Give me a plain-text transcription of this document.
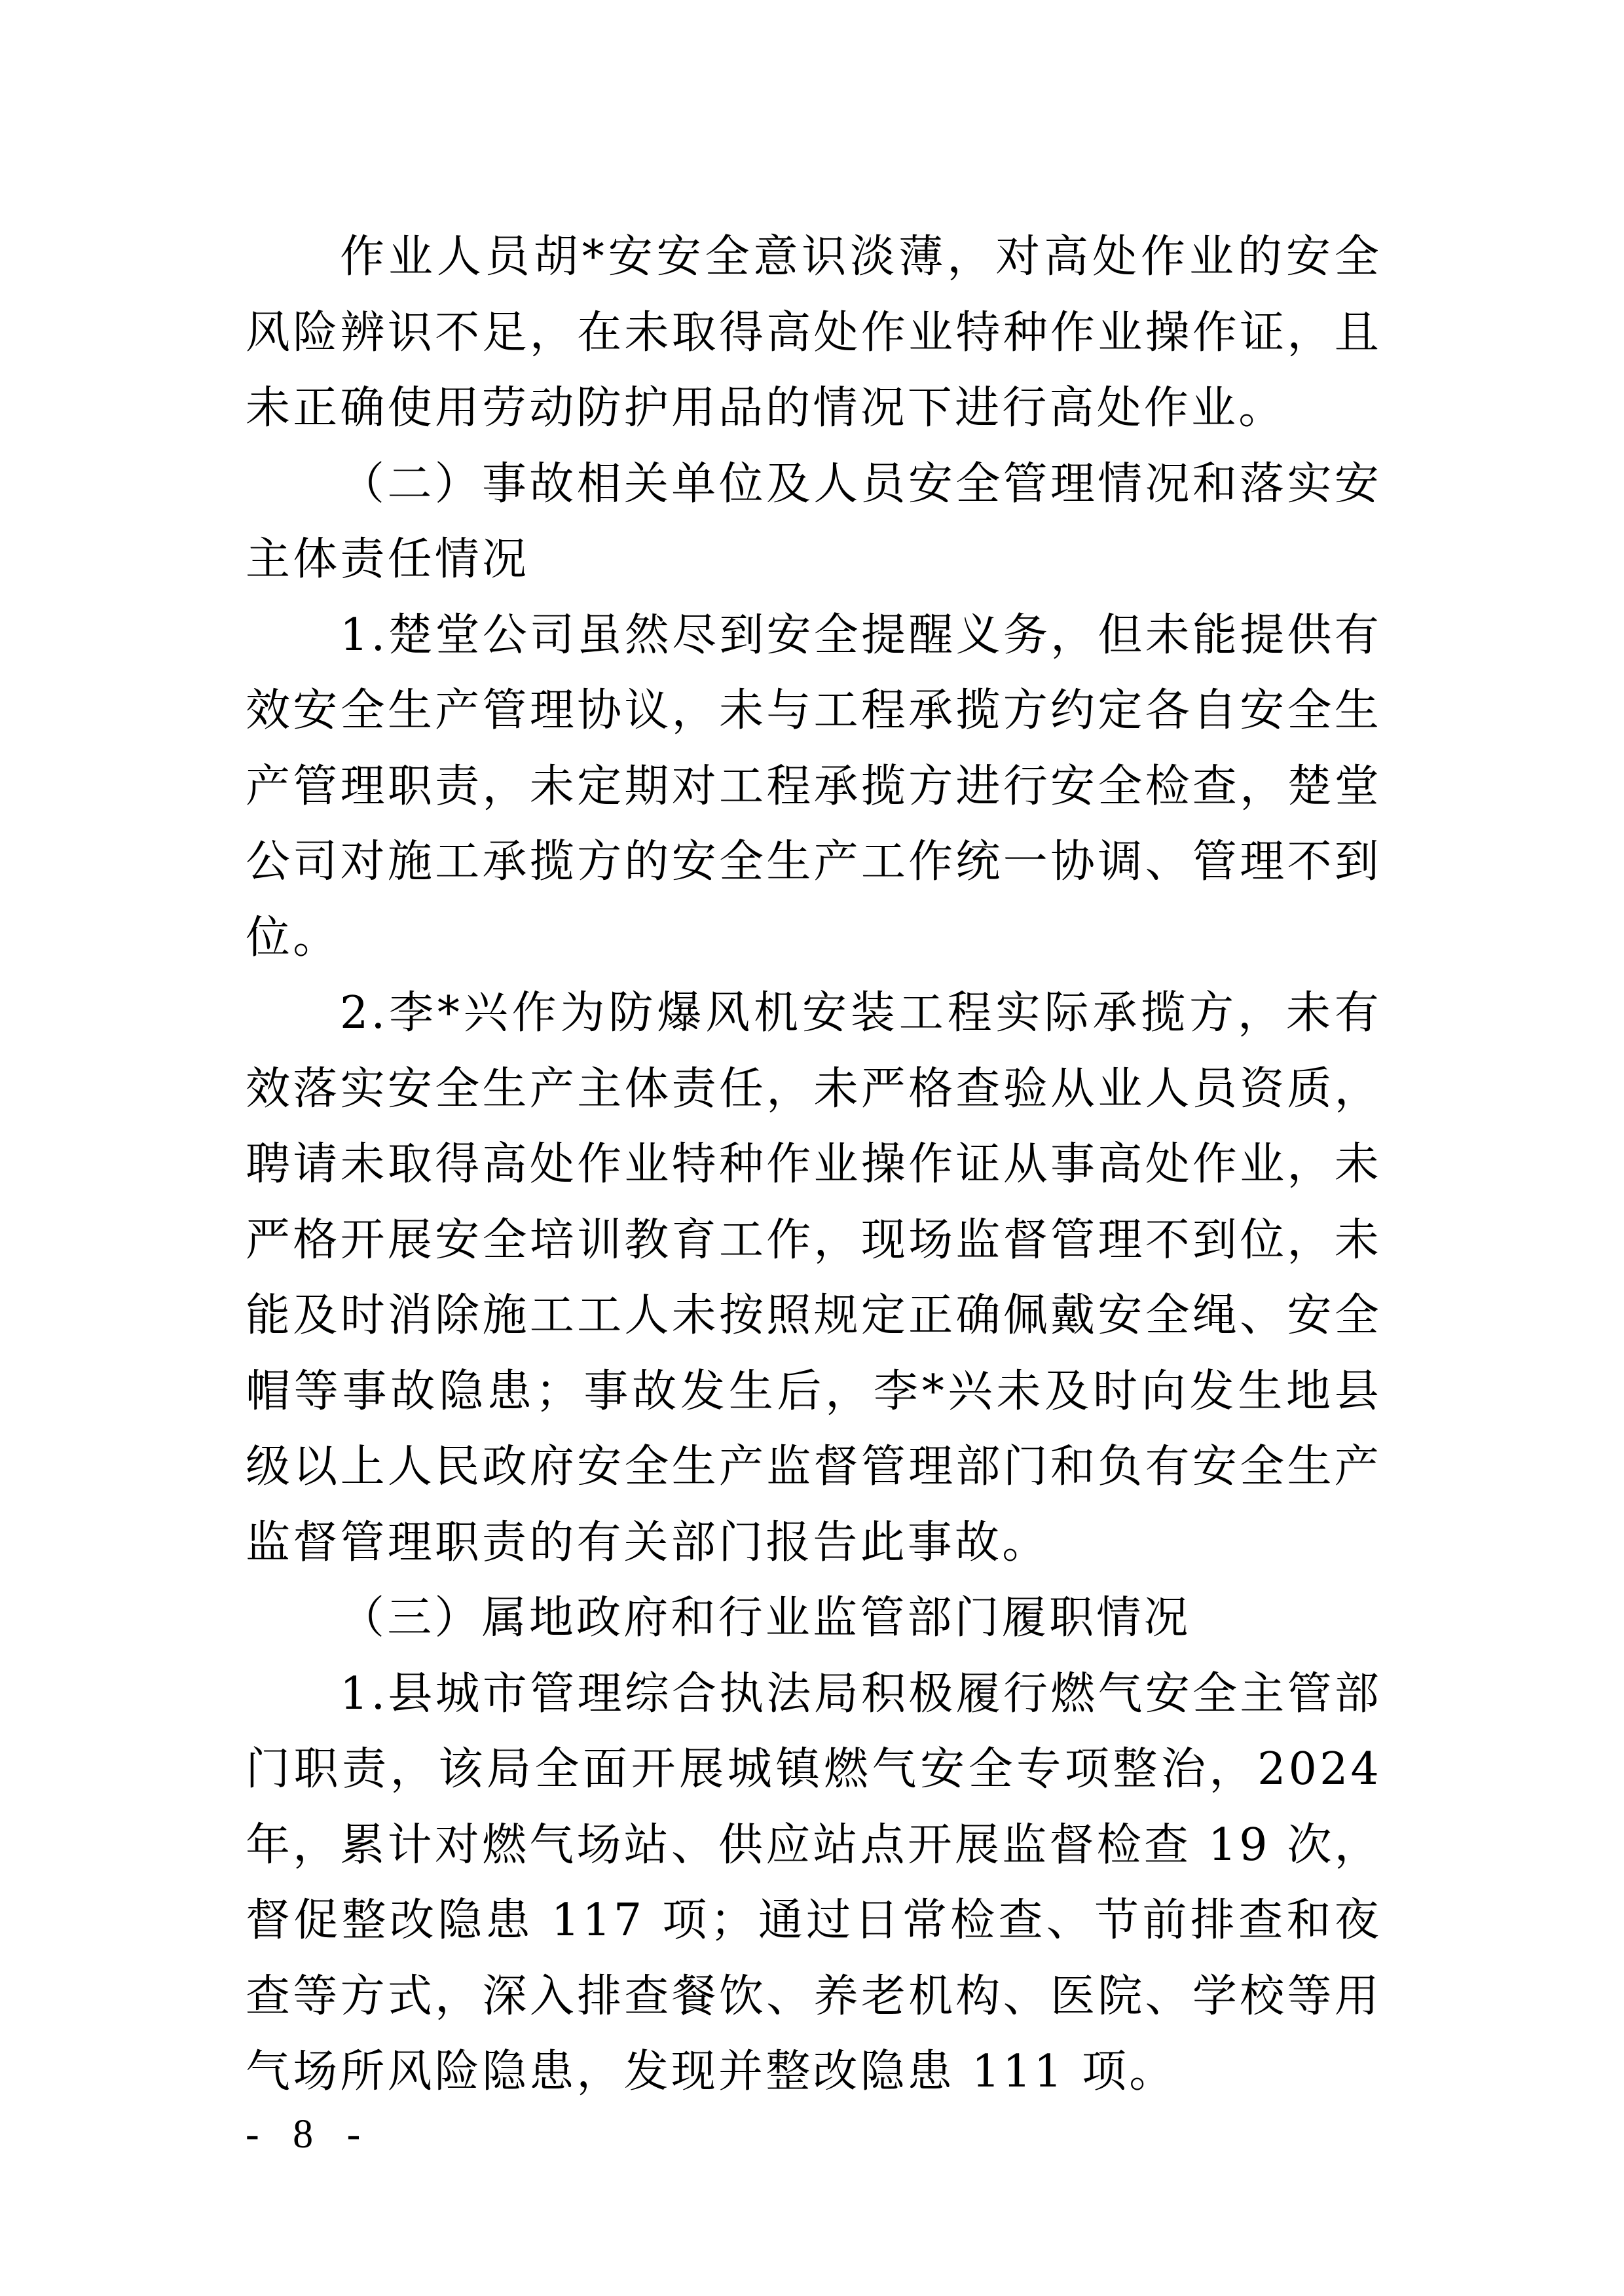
作业人员胡*安安全意识淡薄，对高处作业的安全风险辨识不足，在未取得高处作业特种作业操作证，且未正确使用劳动防护用品的情况下进行高处作业。

（二）事故相关单位及人员安全管理情况和落实安主体责任情况

1.楚堂公司虽然尽到安全提醒义务，但未能提供有效安全生产管理协议，未与工程承揽方约定各自安全生产管理职责，未定期对工程承揽方进行安全检查，楚堂公司对施工承揽方的安全生产工作统一协调、管理不到位。

2.李*兴作为防爆风机安装工程实际承揽方，未有效落实安全生产主体责任，未严格查验从业人员资质，聘请未取得高处作业特种作业操作证从事高处作业，未严格开展安全培训教育工作，现场监督管理不到位，未能及时消除施工工人未按照规定正确佩戴安全绳、安全帽等事故隐患；事故发生后，李*兴未及时向发生地县级以上人民政府安全生产监督管理部门和负有安全生产监督管理职责的有关部门报告此事故。

（三）属地政府和行业监管部门履职情况

1.县城市管理综合执法局积极履行燃气安全主管部门职责，该局全面开展城镇燃气安全专项整治，2024 年，累计对燃气场站、供应站点开展监督检查 19 次，督促整改隐患 117 项；通过日常检查、节前排查和夜查等方式，深入排查餐饮、养老机构、医院、学校等用气场所风险隐患，发现并整改隐患 111 项。

- 8 -
